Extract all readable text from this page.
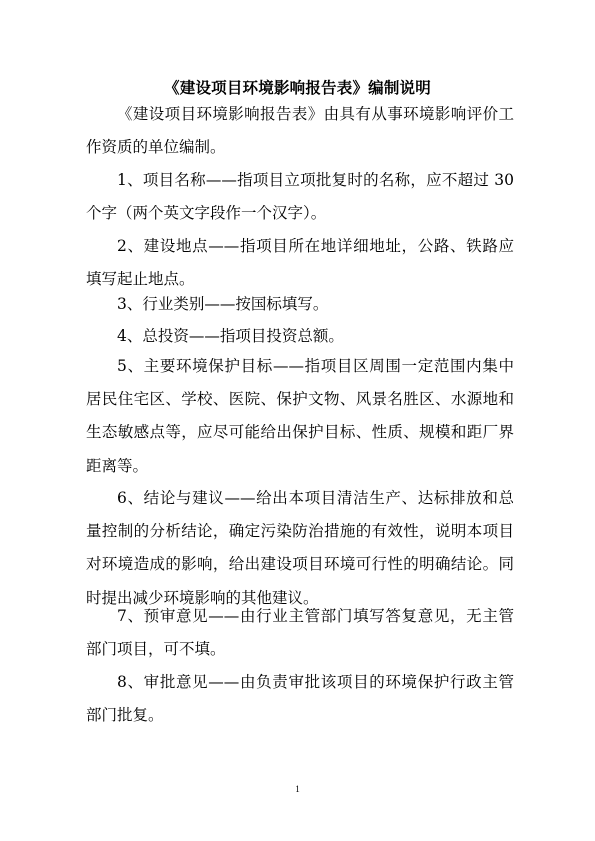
《建设项目环境影响报告表》编制说明
《建设项目环境影响报告表》由具有从事环境影响评价工作资质的单位编制。
1、项目名称——指项目立项批复时的名称，应不超过 30 个字（两个英文字段作一个汉字）。
2、建设地点——指项目所在地详细地址，公路、铁路应填写起止地点。
3、行业类别——按国标填写。
4、总投资——指项目投资总额。
5、主要环境保护目标——指项目区周围一定范围内集中居民住宅区、学校、医院、保护文物、风景名胜区、水源地和生态敏感点等，应尽可能给出保护目标、性质、规模和距厂界距离等。
6、结论与建议——给出本项目清洁生产、达标排放和总量控制的分析结论，确定污染防治措施的有效性，说明本项目对环境造成的影响，给出建设项目环境可行性的明确结论。同时提出减少环境影响的其他建议。
7、预审意见——由行业主管部门填写答复意见，无主管部门项目，可不填。
8、审批意见——由负责审批该项目的环境保护行政主管部门批复。
1
